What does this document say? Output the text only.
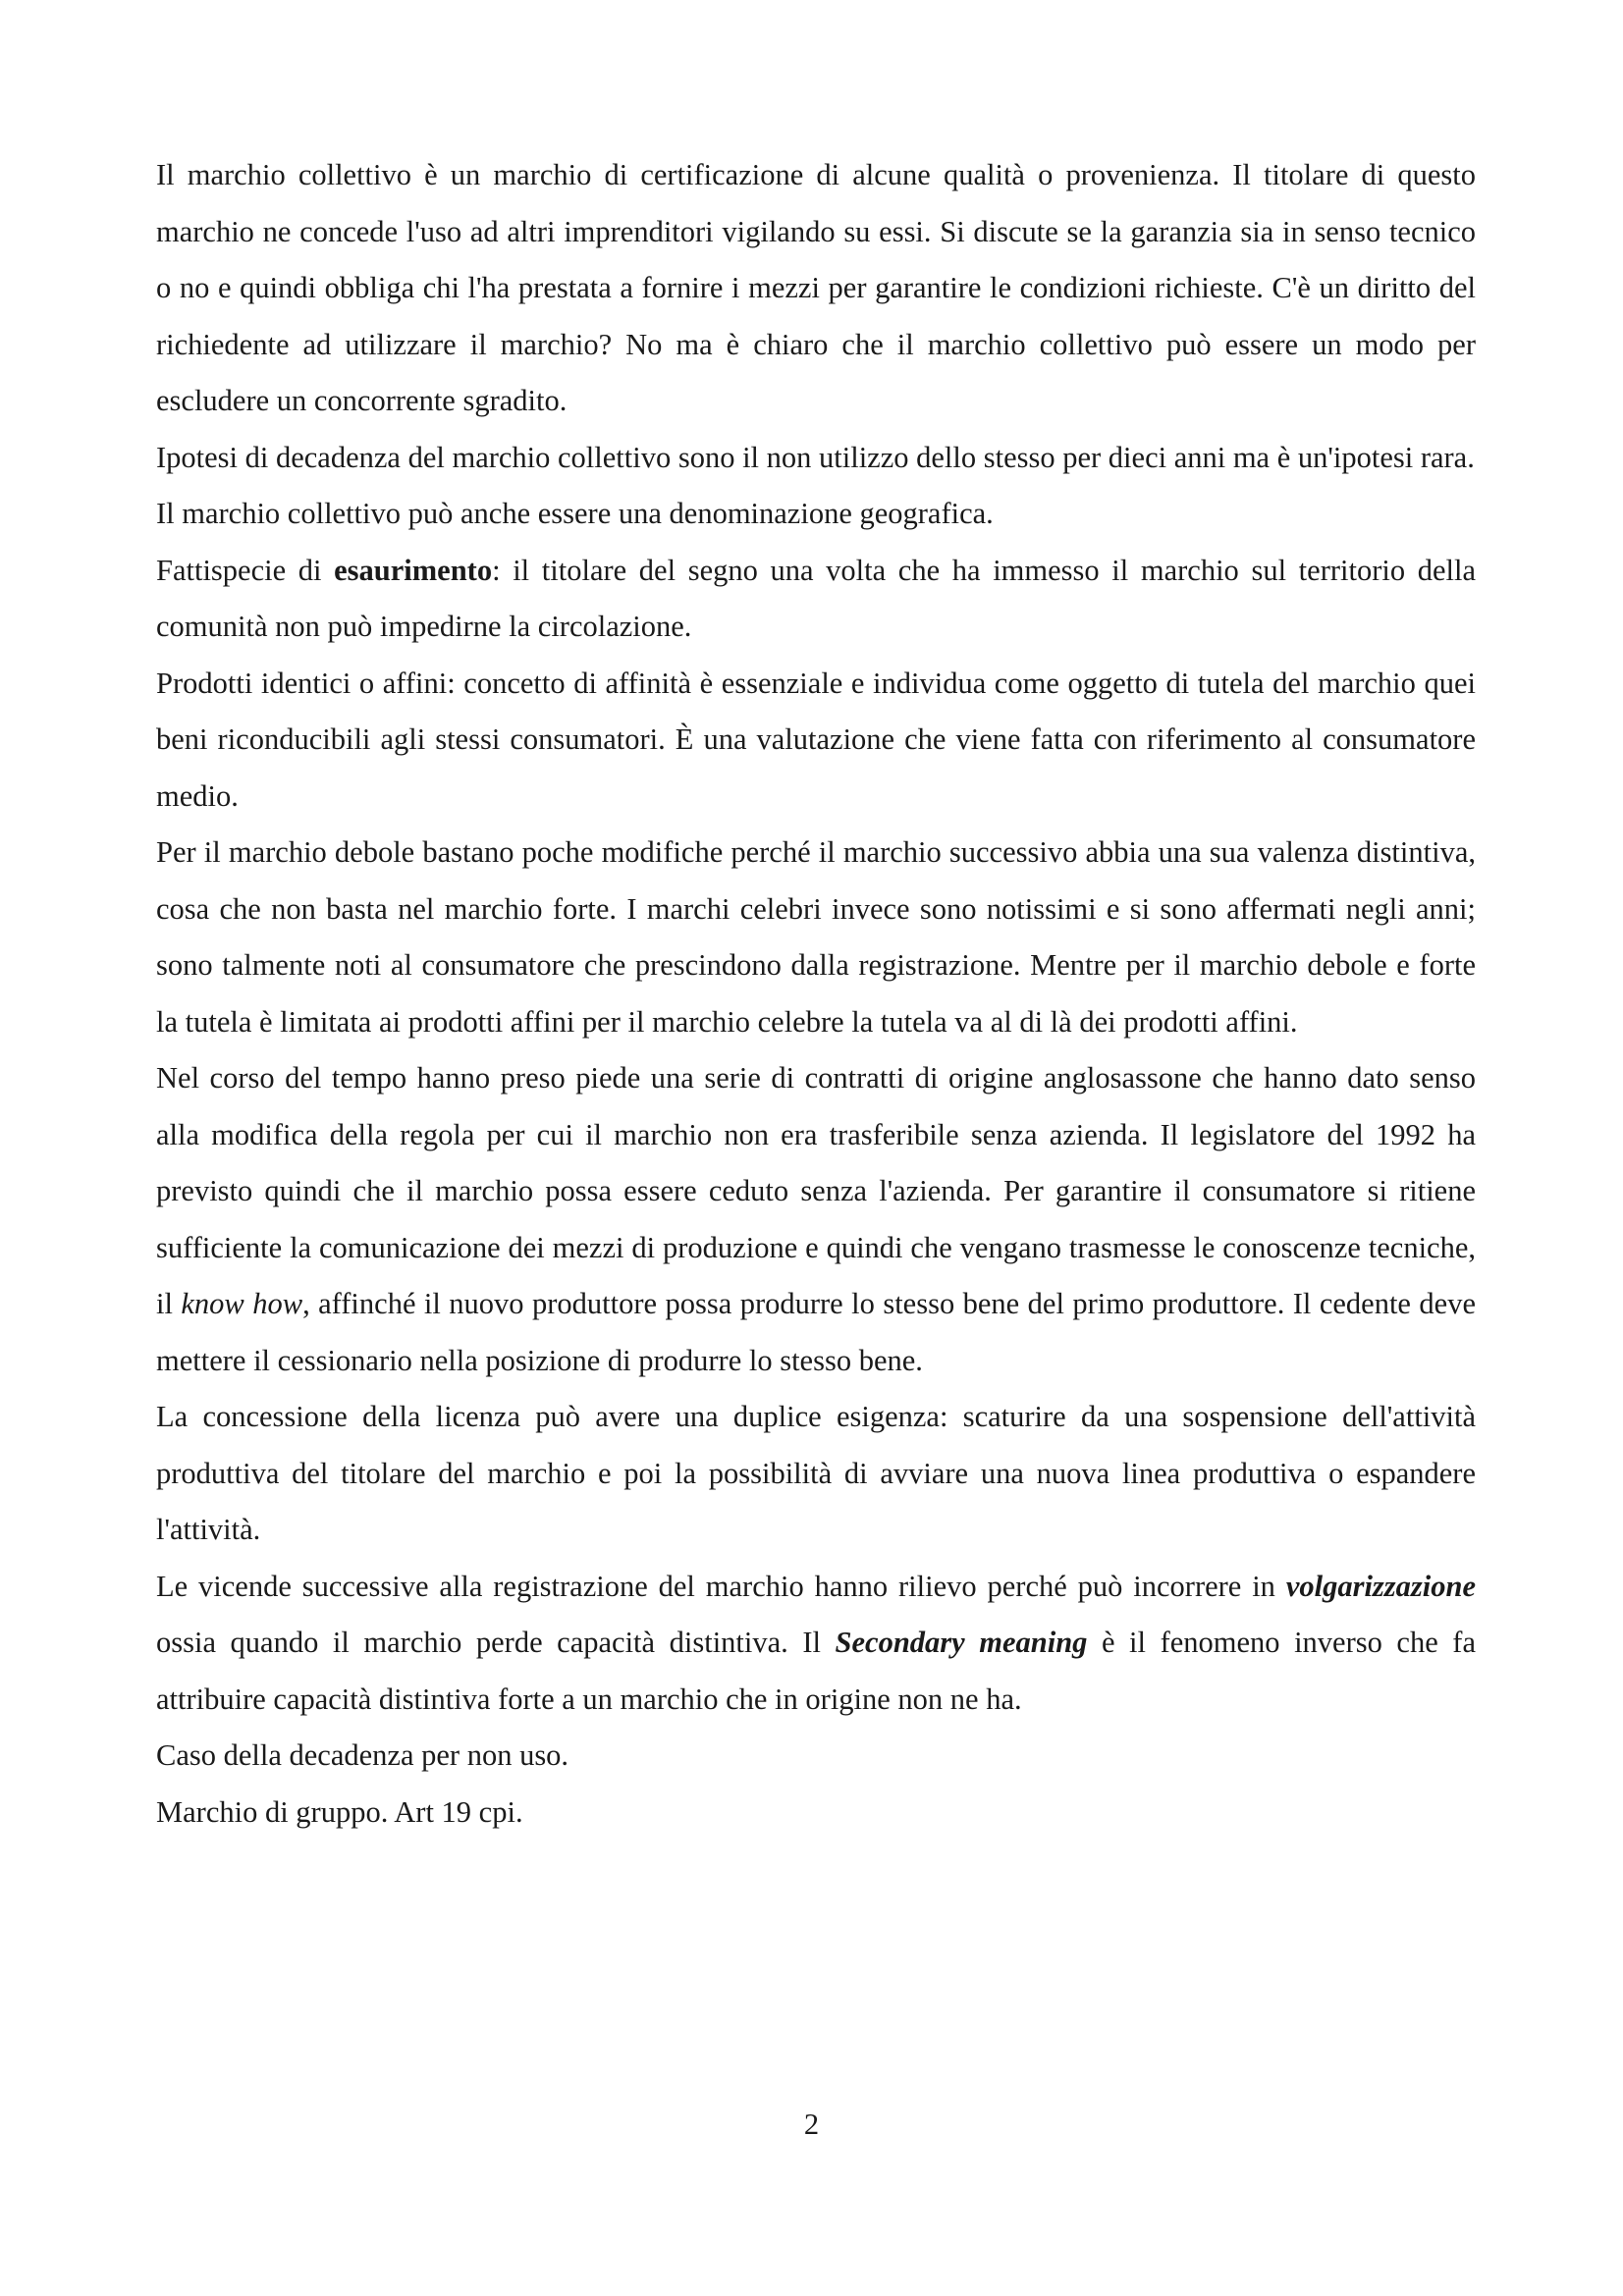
Il marchio collettivo è un marchio di certificazione di alcune qualità o provenienza. Il titolare di questo marchio ne concede l'uso ad altri imprenditori vigilando su essi. Si discute se la garanzia sia in senso tecnico o no e quindi obbliga chi l'ha prestata a fornire i mezzi per garantire le condizioni richieste. C'è un diritto del richiedente ad utilizzare il marchio? No ma è chiaro che il marchio collettivo può essere un modo per escludere un concorrente sgradito.

Ipotesi di decadenza del marchio collettivo sono il non utilizzo dello stesso per dieci anni ma è un'ipotesi rara.

Il marchio collettivo può anche essere una denominazione geografica.

Fattispecie di esaurimento: il titolare del segno una volta che ha immesso il marchio sul territorio della comunità non può impedirne la circolazione.

Prodotti identici o affini: concetto di affinità è essenziale e individua come oggetto di tutela del marchio quei beni riconducibili agli stessi consumatori. È una valutazione che viene fatta con riferimento al consumatore medio.

Per il marchio debole bastano poche modifiche perché il marchio successivo abbia una sua valenza distintiva, cosa che non basta nel marchio forte. I marchi celebri invece sono notissimi e si sono affermati negli anni; sono talmente noti al consumatore che prescindono dalla registrazione. Mentre per il marchio debole e forte la tutela è limitata ai prodotti affini per il marchio celebre la tutela va al di là dei prodotti affini.

Nel corso del tempo hanno preso piede una serie di contratti di origine anglosassone che hanno dato senso alla modifica della regola per cui il marchio non era trasferibile senza azienda. Il legislatore del 1992 ha previsto quindi che il marchio possa essere ceduto senza l'azienda. Per garantire il consumatore si ritiene sufficiente la comunicazione dei mezzi di produzione e quindi che vengano trasmesse le conoscenze tecniche, il know how, affinché il nuovo produttore possa produrre lo stesso bene del primo produttore. Il cedente deve mettere il cessionario nella posizione di produrre lo stesso bene.

La concessione della licenza può avere una duplice esigenza: scaturire da una sospensione dell'attività produttiva del titolare del marchio e poi la possibilità di avviare una nuova linea produttiva o espandere l'attività.

Le vicende successive alla registrazione del marchio hanno rilievo perché può incorrere in volgarizzazione ossia quando il marchio perde capacità distintiva. Il Secondary meaning è il fenomeno inverso che fa attribuire capacità distintiva forte a un marchio che in origine non ne ha.

Caso della decadenza per non uso.

Marchio di gruppo. Art 19 cpi.

2
